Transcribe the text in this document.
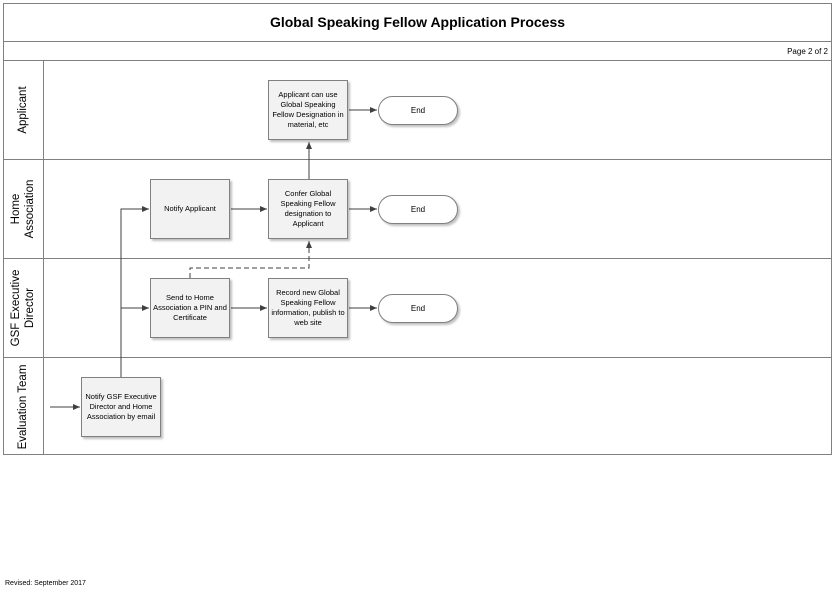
Global Speaking Fellow Application Process
Page 2 of 2
Applicant
Home
Association
GSF Executive
Director
Evaluation Team	Notify GSF Executive Director and Home Association by email
Send to Home Association a PIN and Certificate
Record new Global Speaking Fellow information, publish to web site
Notify Applicant
Confer Global Speaking Fellow designation to Applicant
Applicant can use Global Speaking Fellow Designation in material, etc
End
End
End
Revised: September 2017
